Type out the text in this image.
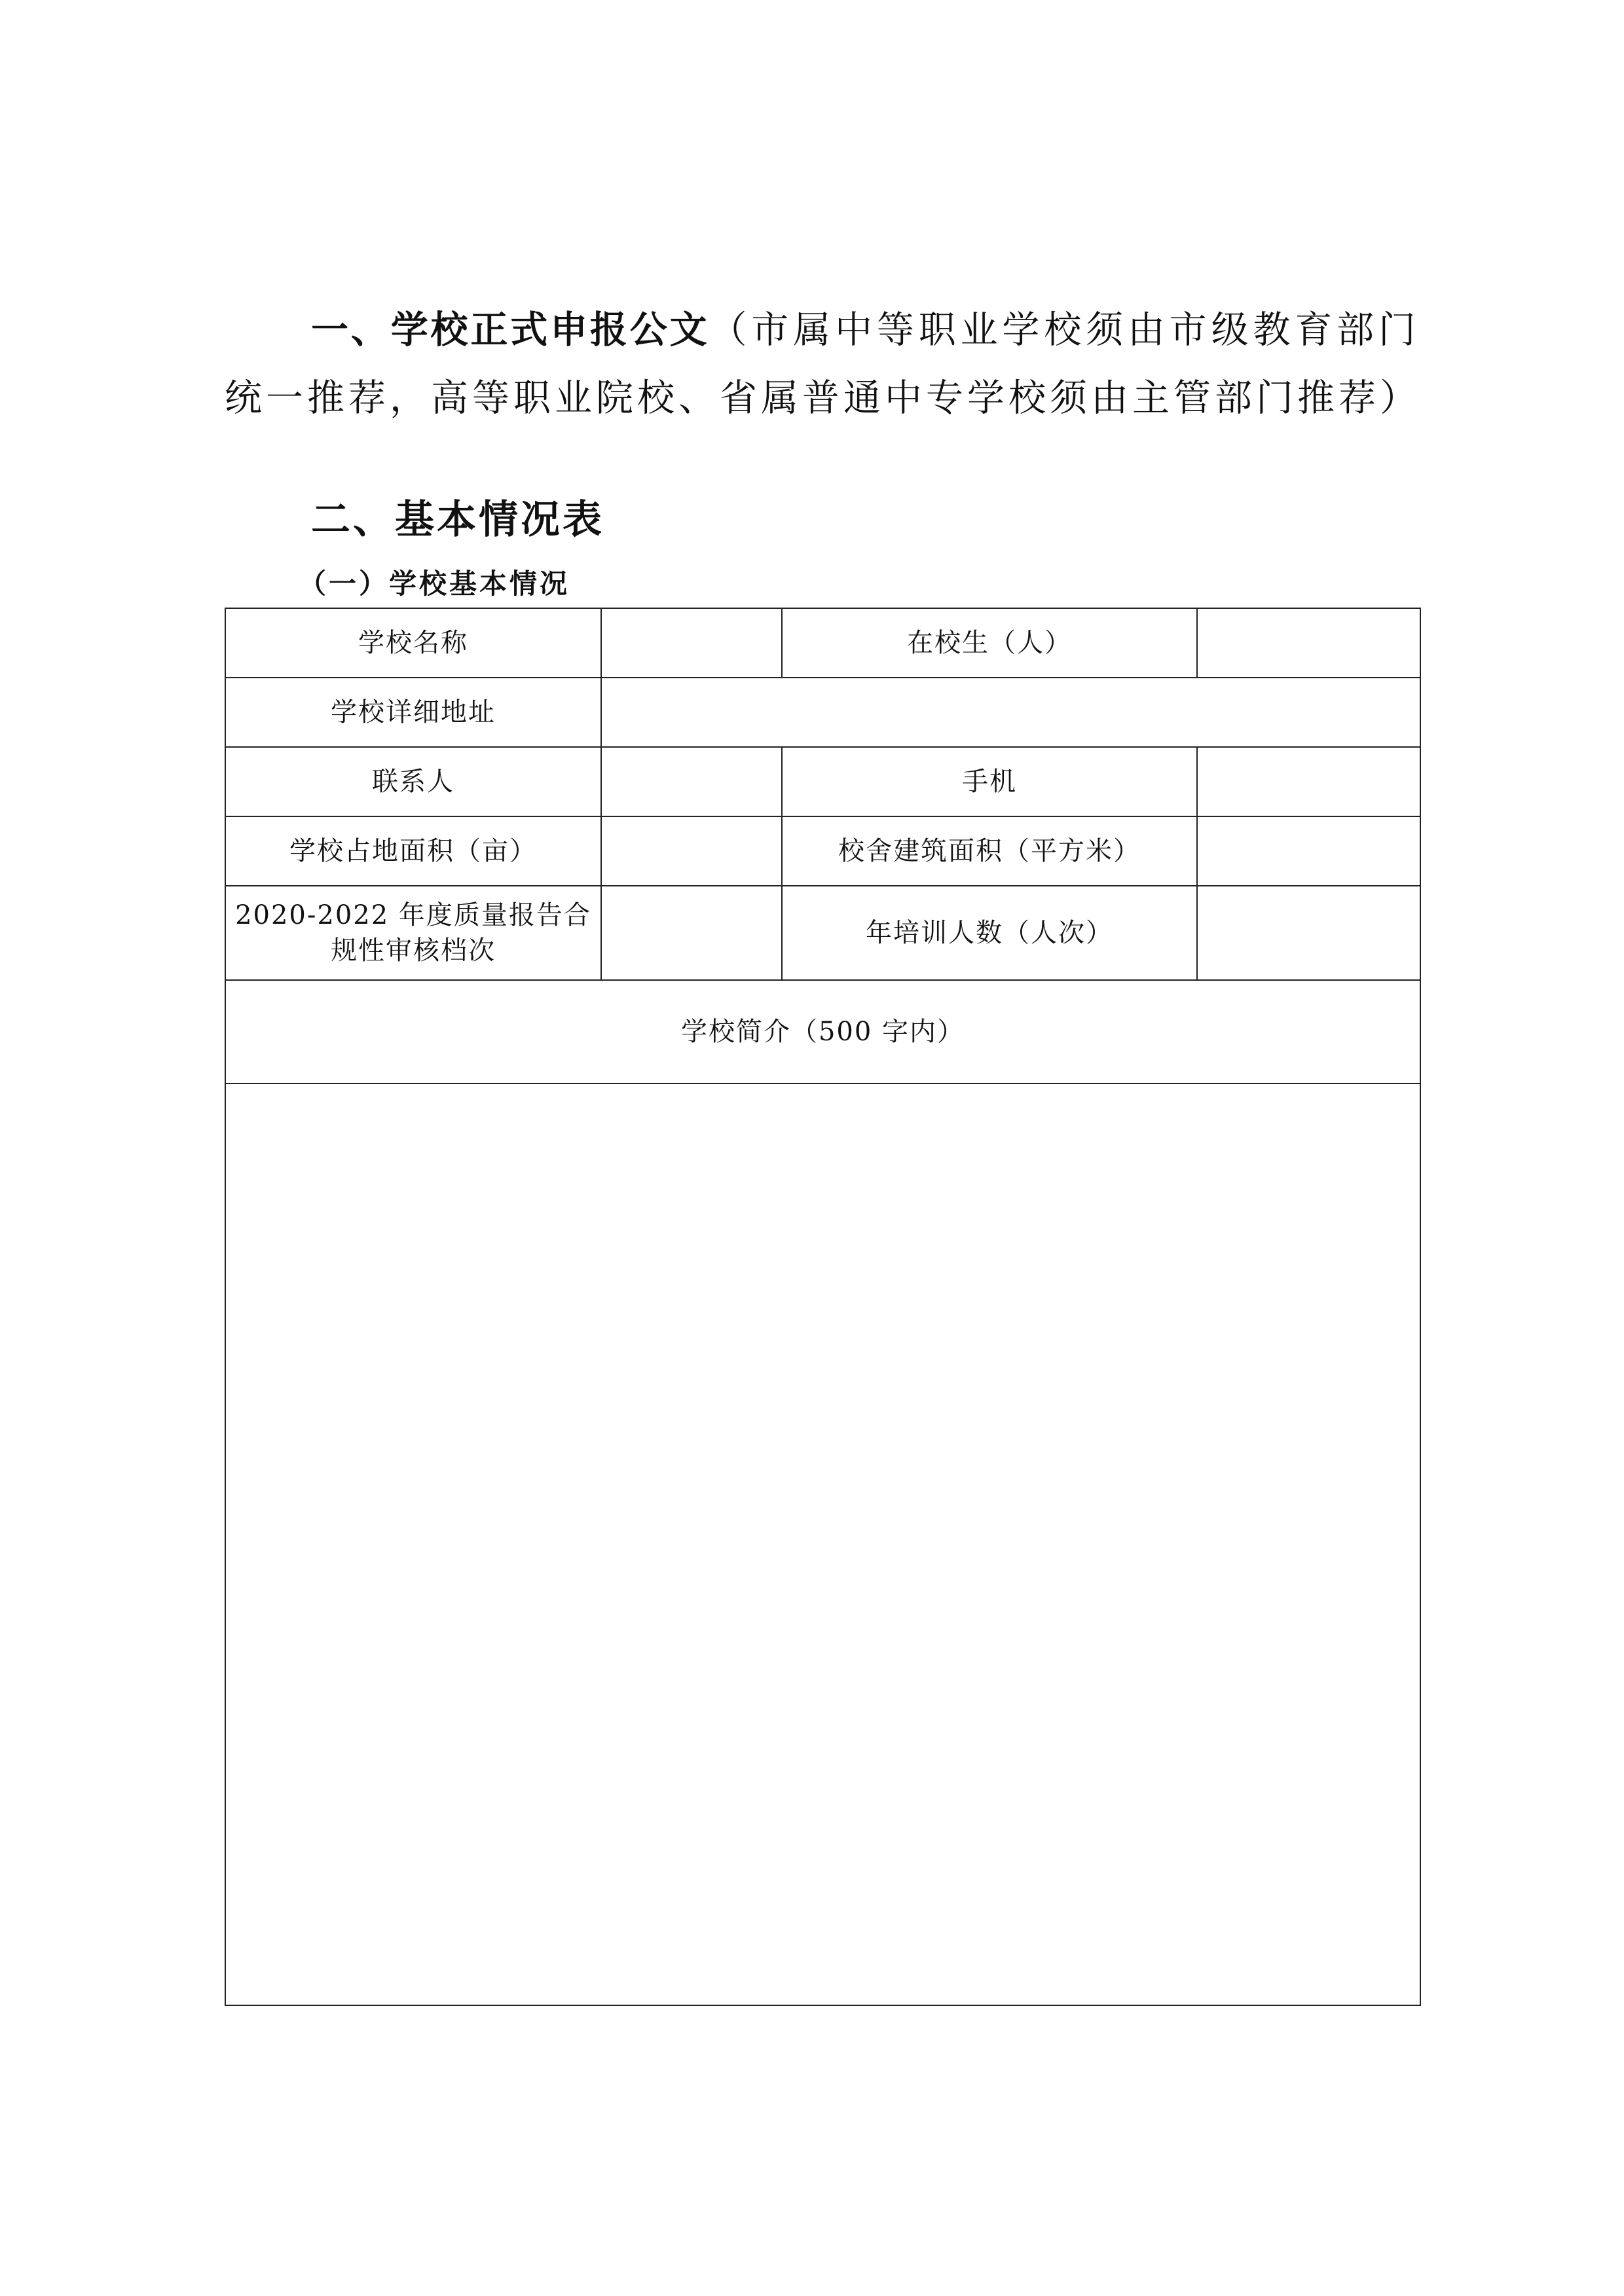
一、学校正式申报公文（市属中等职业学校须由市级教育部门统一推荐，高等职业院校、省属普通中专学校须由主管部门推荐）

二、基本情况表
（一）学校基本情况
学校名称		在校生（人）	
学校详细地址			
联系人		手机	
学校占地面积（亩）		校舍建筑面积（平方米）	

2020-2022 年度质量报告合
规性审核档次		年培训人数（人次）	
学校简介（500 字内）			
